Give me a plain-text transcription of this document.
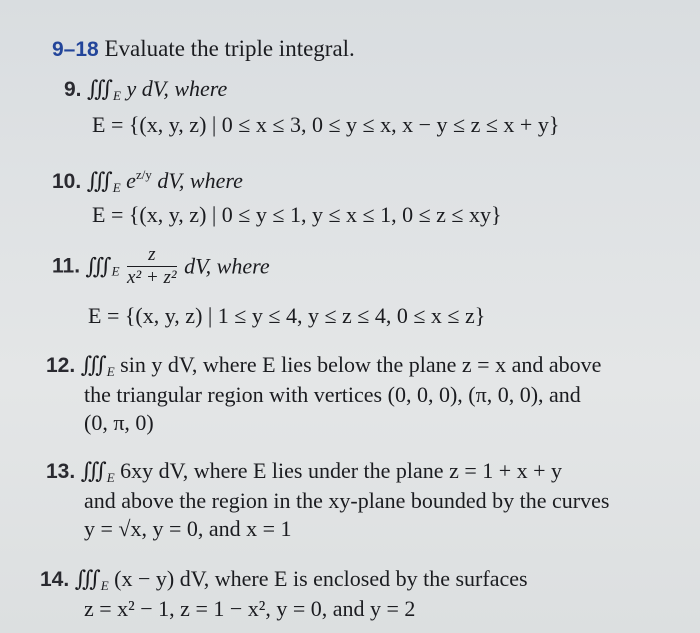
9–18 Evaluate the triple integral.
9. $∭_E$ y dV, where
E = {(x, y, z) | 0 ≤ x ≤ 3, 0 ≤ y ≤ x, x − y ≤ z ≤ x + y}
10. $∭_E$ $e^{z/y}$ dV, where
E = {(x, y, z) | 0 ≤ y ≤ 1, y ≤ x ≤ 1, 0 ≤ z ≤ xy}
11. $∭_E \frac{z}{\text{x² + z²}}$ dV, where
E = {(x, y, z) | 1 ≤ y ≤ 4, y ≤ z ≤ 4, 0 ≤ x ≤ z}
12. $∭_E$ sin y dV, where E lies below the plane z = x and above
the triangular region with vertices (0, 0, 0), (π, 0, 0), and
(0, π, 0)
13. $∭_E$ 6xy dV, where E lies under the plane z = 1 + x + y
and above the region in the xy-plane bounded by the curves
y = √x, y = 0, and x = 1
14. $∭_E$ (x − y) dV, where E is enclosed by the surfaces
z = x² − 1, z = 1 − x², y = 0, and y = 2
